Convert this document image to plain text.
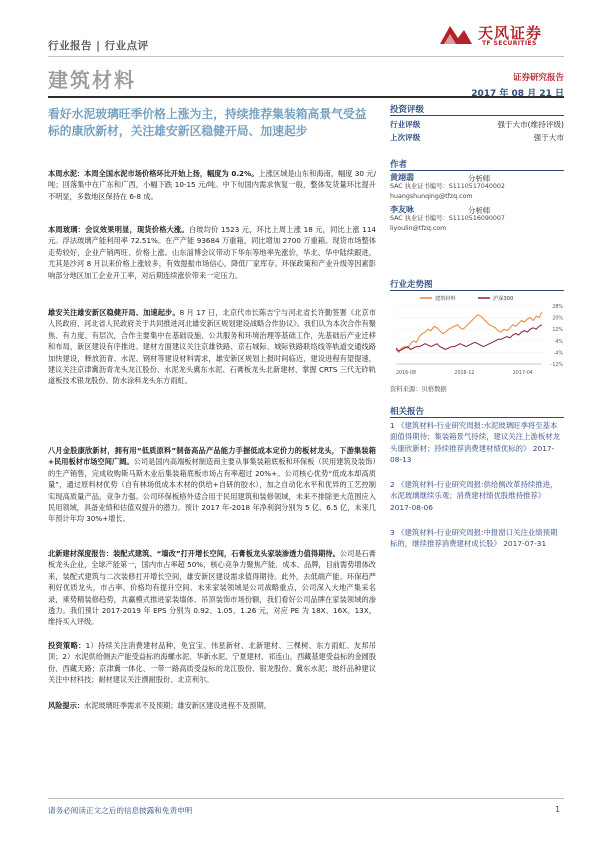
行业报告 | 行业点评
天风证券
TF SECURITIES
建筑材料	证券研究报告
2017 年 08 月 21 日
看好水泥玻璃旺季价格上涨为主，持续推荐集装箱高景气受益标的康欣新材，关注雄安新区稳健开局、加速起步
本周水泥：本周全国水泥市场价格环比开始上扬，幅度为 0.2%。上涨区域是山东和海南，幅度 30 元/吨；回落集中在广东和广西，小幅下跌 10-15 元/吨。中下旬国内需求恢复一般，整体发货量环比提升不明显，多数地区保持在 6-8 成。
本周玻璃：会议效果明显，现货价格大涨。白玻均价 1523 元，环比上周上涨 18 元，同比上涨 114 元。浮法玻璃产能利用率 72.51%。在产产能 93684 万重箱，同比增加 2700 万重箱。现货市场整体走势较好，企业产销两旺、价格上涨。山东淄博会议带动下华东等地率先涨价，华北、华中陆续跟进，尤其是沙河 8 月以来价格上涨较多，有效提振市场信心，降低厂家库存。环保政策和产业升级等因素影响部分地区加工企业开工率，对后期连续涨价带来一定压力。
雄安关注雄安新区稳健开局、加速起步。8 月 17 日，北京代市长陈吉宁与河北省长许勤签署《北京市人民政府、河北省人民政府关于共同推进河北雄安新区规划建设战略合作协议》。我们认为本次合作有聚焦、有力度、有层次，合作主要集中在基础设施、公共服务和环境治理等基础工作，先基础后产业迁移和布局，新区建设有序推进。建材方面建议关注京雄铁路、京石城际、城际铁路联络线等轨道交通线路加快建设，释放沥青、水泥、钢材等建设材料需求，雄安新区规划上报时间临近，建设进程有望提速，建议关注京津冀沥青龙头龙江股份、水泥龙头冀东水泥、石膏板龙头北新建材、掌握 CRTS 三代无砟轨道板技术银龙股份、防水涂料龙头东方雨虹。
八月金股康欣新材，拥有用“低质原料”制备高品产品能力手握低成本定价力的板材龙头，下游集装箱+民用板材市场空间广阔。公司是国内高端板材制造商主要从事集装箱底板和环保板（民用建筑及装饰）的生产销售，完成收购斯马斯木业后集装箱底板市场占有率超过 20%+。公司核心优势“低成本却高质量”，通过原料材优势（自有林场低成本木材的供给+自研的胶水），加之自动化水平和优异的工艺控制实现高质量产品，竞争力强。公司环保板格外适合用于民用建筑和装修领域，未来不排除更大范围应入民用领域，具备业绩和估值双提升的潜力。预计 2017 年-2018 年净利润分别为 5 亿、6.5 亿，未来几年预计年均 30%+增长。
北新建材深度报告：装配式建筑、“墙改”打开增长空间，石膏板龙头家装渗透力值得期待。公司是石膏板龙头企业，全球产能第一，国内市占率超 50%，核心竞争力聚焦产能、成本、品牌，目前需势增体改来，装配式建筑与二次装修打开增长空间，雄安新区建设需求值得期待。此外，去低端产能、环保趋严利好优质龙头，市占率、价格均有提升空间。未来家装领域是公司战略重点，公司深入大地产集采名录，乘势精装修趋势，共赢模式推进家装墙体、吊顶装饰市场份额，我们看好公司品牌在家装领域的渗透力。我们预计 2017-2019 年 EPS 分别为 0.92、1.05、1.26 元，对应 PE 为 18X、16X、13X，维持买入评级。
投资策略：1）持续关注消费建材品种，免宜宝、伟星新材、北新建材、三棵树、东方雨虹、友邦吊顶；2）水泥供给侧去产能受益标的海螺水泥、华新水泥、宁夏建材、祁连山，西藏基建受益标的金圆股份、西藏天路；京津冀一体化、一带一路高质受益标的龙江股份、银龙股份、冀东水泥；玻纤品种建议关注中材科技；耐材建议关注濮耐股份、北京利尔。
风险提示：水泥玻璃旺季需求不及预期；雄安新区建设进程不及预期。
投资评级
行业评级	强于大市(维持评级)
上次评级	强于大市
作者
黄翊翡	分析师
SAC 执业证书编号：S1110517040002
huangshunqing@tfzq.com
李友咏	分析师
SAC 执业证书编号：S1110516090007
liyoulin@tfzq.com
行业走势图
-12%
-4%
4%
12%
20%
28%
2016-08	2016-12	2017-04
建筑材料	沪深300
资料来源：贝格数据
相关报告
1 《建筑材料-行业研究周报:水泥玻璃旺季将至基本面值得期待；集装箱景气持续，建议关注上游板材龙头康欣新材；持续推荐消费建材绩优标的》 2017-08-13
2 《建筑材料-行业研究周报:供给侧改革持续推进，水泥玻璃继续乐观；消费建材绩优股维持推荐》 2017-08-06
3 《建筑材料-行业研究周报:中报窗口关注业绩预期标的，继续推荐消费建材成长股》 2017-07-31
请务必阅读正文之后的信息披露和免责申明	1
